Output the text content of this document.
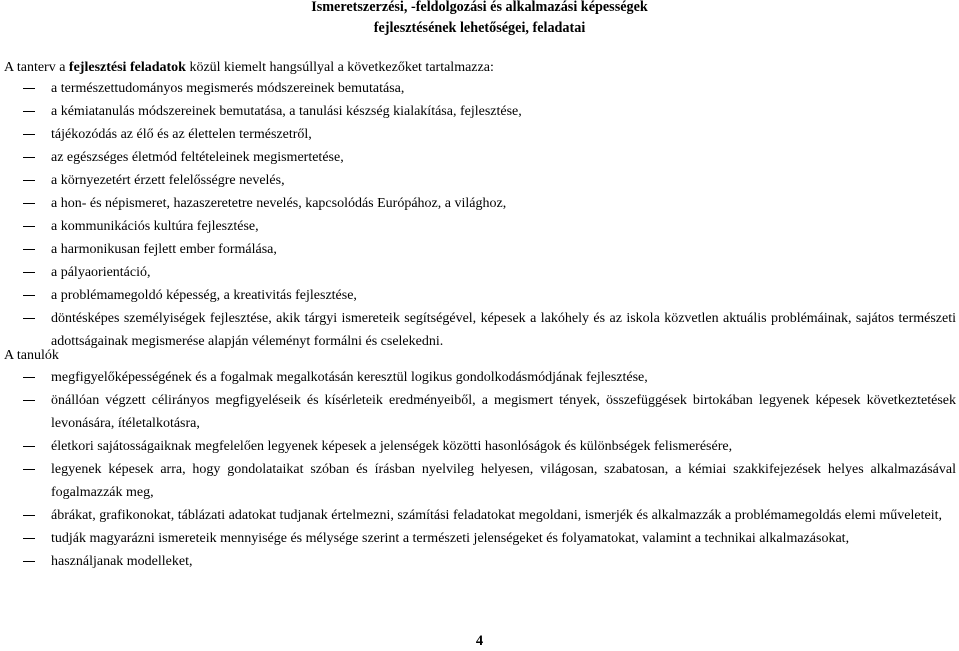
Ismeretszerzési, -feldolgozási és alkalmazási képességek
fejlesztésének lehetőségei, feladatai
A tanterv a fejlesztési feladatok közül kiemelt hangsúllyal a következőket tartalmazza:
a természettudományos megismerés módszereinek bemutatása,
a kémiatanulás módszereinek bemutatása, a tanulási készség kialakítása, fejlesztése,
tájékozódás az élő és az élettelen természetről,
az egészséges életmód feltételeinek megismertetése,
a környezetért érzett felelősségre nevelés,
a hon- és népismeret, hazaszeretetre nevelés, kapcsolódás Európához, a világhoz,
a kommunikációs kultúra fejlesztése,
a harmonikusan fejlett ember formálása,
a pályaorientáció,
a problémamegoldó képesség, a kreativitás fejlesztése,
döntésképes személyiségek fejlesztése, akik tárgyi ismereteik segítségével, képesek a lakóhely és az iskola közvetlen aktuális problémáinak, sajátos természeti adottságainak megismerése alapján véleményt formálni és cselekedni.
A tanulók
megfigyelőképességének és a fogalmak megalkotásán keresztül logikus gondolkodásmódjának fejlesztése,
önállóan végzett célirányos megfigyeléseik és kísérleteik eredményeiből, a megismert tények, összefüggések birtokában legyenek képesek következtetések levonására, ítéletalkotásra,
életkori sajátosságaiknak megfelelően legyenek képesek a jelenségek közötti hasonlóságok és különbségek felismerésére,
legyenek képesek arra, hogy gondolataikat szóban és írásban nyelvileg helyesen, világosan, szabatosan, a kémiai szakkifejezések helyes alkalmazásával fogalmazzák meg,
ábrákat, grafikonokat, táblázati adatokat tudjanak értelmezni, számítási feladatokat megoldani, ismerjék és alkalmazzák a problémamegoldás elemi műveleteit,
tudják magyarázni ismereteik mennyisége és mélysége szerint a természeti jelenségeket és folyamatokat, valamint a technikai alkalmazásokat,
használjanak modelleket,
4
